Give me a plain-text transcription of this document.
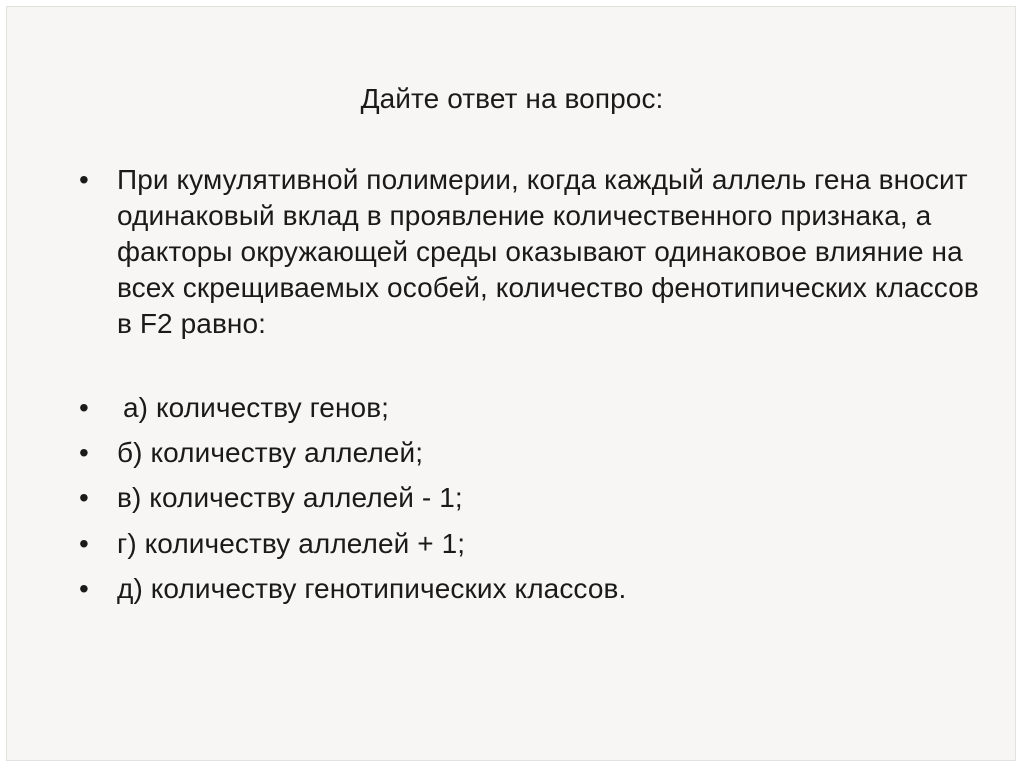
Дайте ответ на вопрос:
•	При кумулятивной полимерии, когда каждый аллель гена вносит одинаковый вклад в проявление количественного признака, а факторы окружающей среды оказывают одинаковое влияние на всех скрещиваемых особей, количество фенотипических классов в F2 равно:
•	а) количеству генов;
•	б) количеству аллелей;
•	в) количеству аллелей - 1;
•	г) количеству аллелей + 1;
•	д) количеству генотипических классов.
